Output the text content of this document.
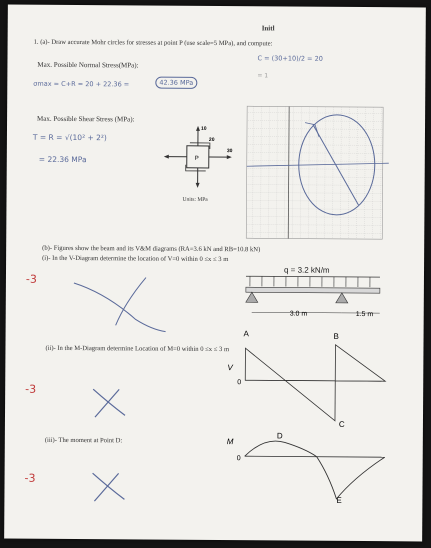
Initl
1. (a)- Draw accurate Mohr circles for stresses at point P (use scale=5 MPa), and compute:
Max. Possible Normal Stress(MPa):
σmax = C+R = 20 + 22.36 =	42.36 MPa
C = (30+10)/2 = 20
= 1
Max. Possible Shear Stress (MPa):
T = R = √(10² + 2²)
= 22.36 MPa
10
20
30
P
Units: MPa
(b)- Figures show the beam and its V&M diagrams (RA=3.6 kN and RB=10.8 kN)
(i)- In the V-Diagram determine the location of V=0 within 0 ≤x ≤ 3 m
-3
(ii)- In the M-Diagram determine Location of M=0 within 0 ≤x ≤ 3 m
-3
(iii)- The moment at Point D:
-3
q = 3.2 kN/m
3.0 m	1.5 m
V
0
A	B
C
M
0
D
E
